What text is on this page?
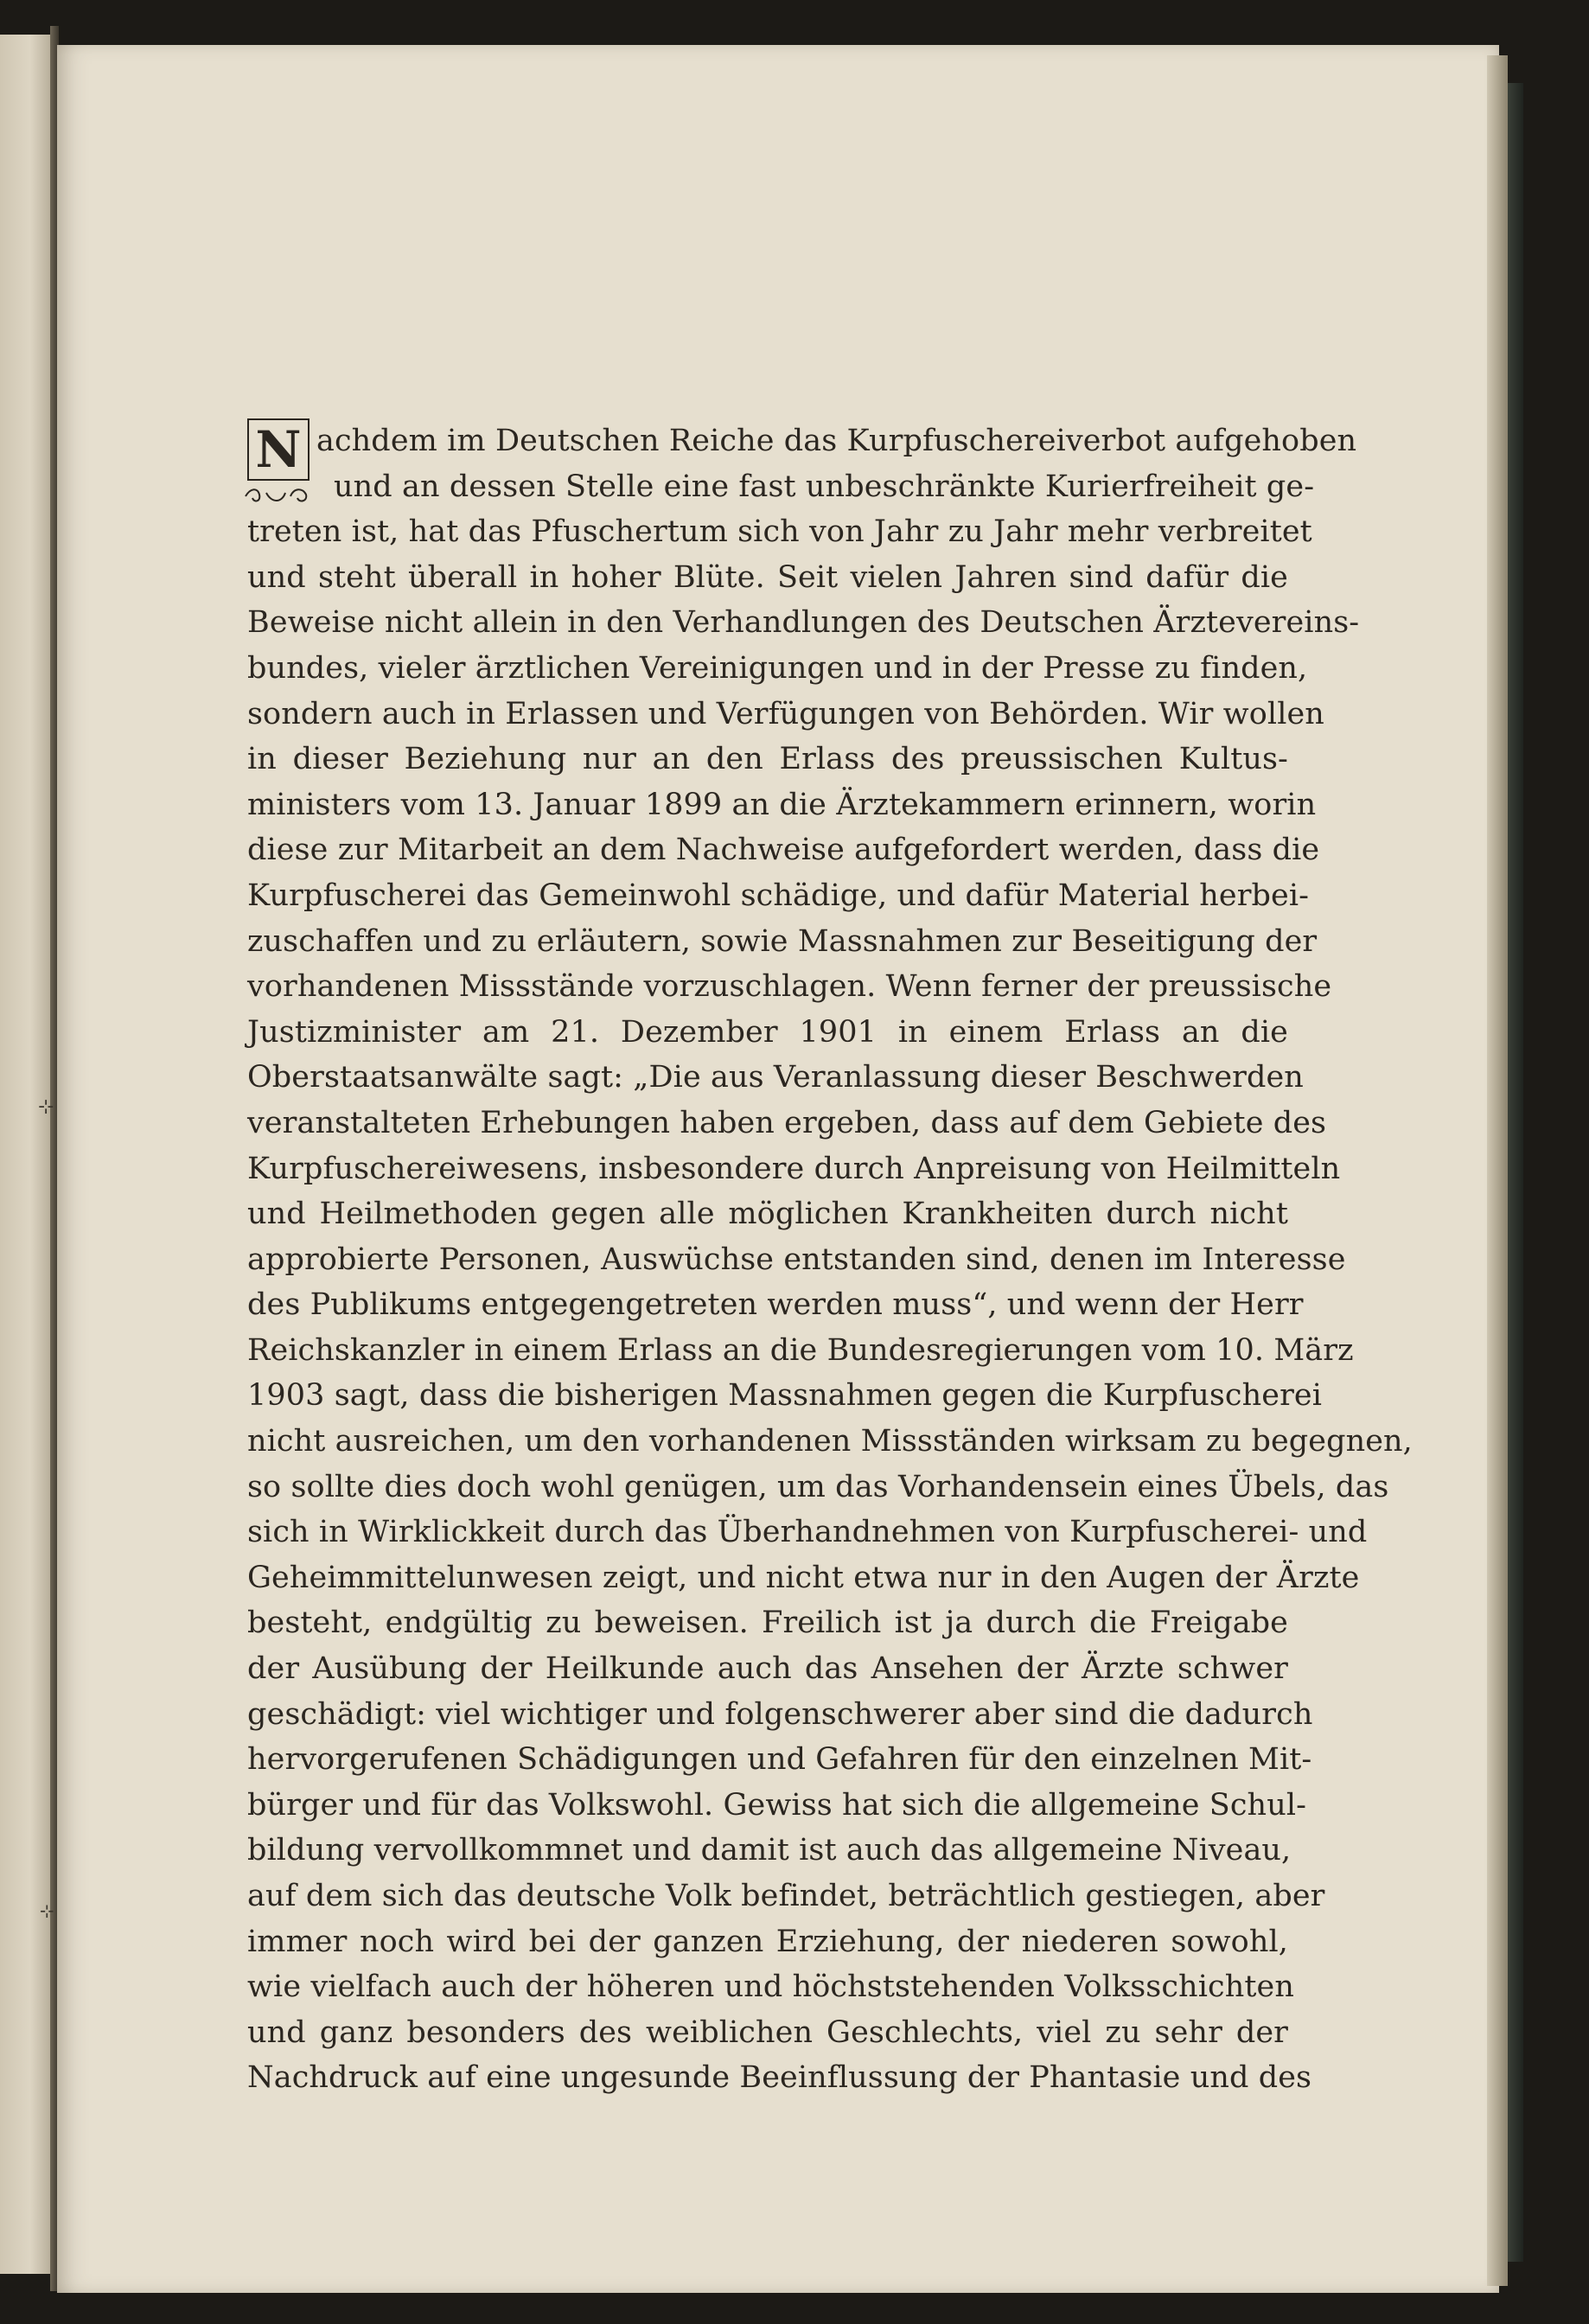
⊹
⊹
N achdem im Deutschen Reiche das Kurpfuschereiverbot aufgehoben
und an dessen Stelle eine fast unbeschränkte Kurierfreiheit ge-
treten ist, hat das Pfuschertum sich von Jahr zu Jahr mehr verbreitet
und steht überall in hoher Blüte. Seit vielen Jahren sind dafür die
Beweise nicht allein in den Verhandlungen des Deutschen Ärztevereins-
bundes, vieler ärztlichen Vereinigungen und in der Presse zu finden,
sondern auch in Erlassen und Verfügungen von Behörden. Wir wollen
in dieser Beziehung nur an den Erlass des preussischen Kultus-
ministers vom 13. Januar 1899 an die Ärztekammern erinnern, worin
diese zur Mitarbeit an dem Nachweise aufgefordert werden, dass die
Kurpfuscherei das Gemeinwohl schädige, und dafür Material herbei-
zuschaffen und zu erläutern, sowie Massnahmen zur Beseitigung der
vorhandenen Missstände vorzuschlagen. Wenn ferner der preussische
Justizminister am 21. Dezember 1901 in einem Erlass an die
Oberstaatsanwälte sagt: „Die aus Veranlassung dieser Beschwerden
veranstalteten Erhebungen haben ergeben, dass auf dem Gebiete des
Kurpfuschereiwesens, insbesondere durch Anpreisung von Heilmitteln
und Heilmethoden gegen alle möglichen Krankheiten durch nicht
approbierte Personen, Auswüchse entstanden sind, denen im Interesse
des Publikums entgegengetreten werden muss“, und wenn der Herr
Reichskanzler in einem Erlass an die Bundesregierungen vom 10. März
1903 sagt, dass die bisherigen Massnahmen gegen die Kurpfuscherei
nicht ausreichen, um den vorhandenen Missständen wirksam zu begegnen,
so sollte dies doch wohl genügen, um das Vorhandensein eines Übels, das
sich in Wirklickkeit durch das Überhandnehmen von Kurpfuscherei- und
Geheimmittelunwesen zeigt, und nicht etwa nur in den Augen der Ärzte
besteht, endgültig zu beweisen. Freilich ist ja durch die Freigabe
der Ausübung der Heilkunde auch das Ansehen der Ärzte schwer
geschädigt: viel wichtiger und folgenschwerer aber sind die dadurch
hervorgerufenen Schädigungen und Gefahren für den einzelnen Mit-
bürger und für das Volkswohl. Gewiss hat sich die allgemeine Schul-
bildung vervollkommnet und damit ist auch das allgemeine Niveau,
auf dem sich das deutsche Volk befindet, beträchtlich gestiegen, aber
immer noch wird bei der ganzen Erziehung, der niederen sowohl,
wie vielfach auch der höheren und höchststehenden Volksschichten
und ganz besonders des weiblichen Geschlechts, viel zu sehr der
Nachdruck auf eine ungesunde Beeinflussung der Phantasie und des
